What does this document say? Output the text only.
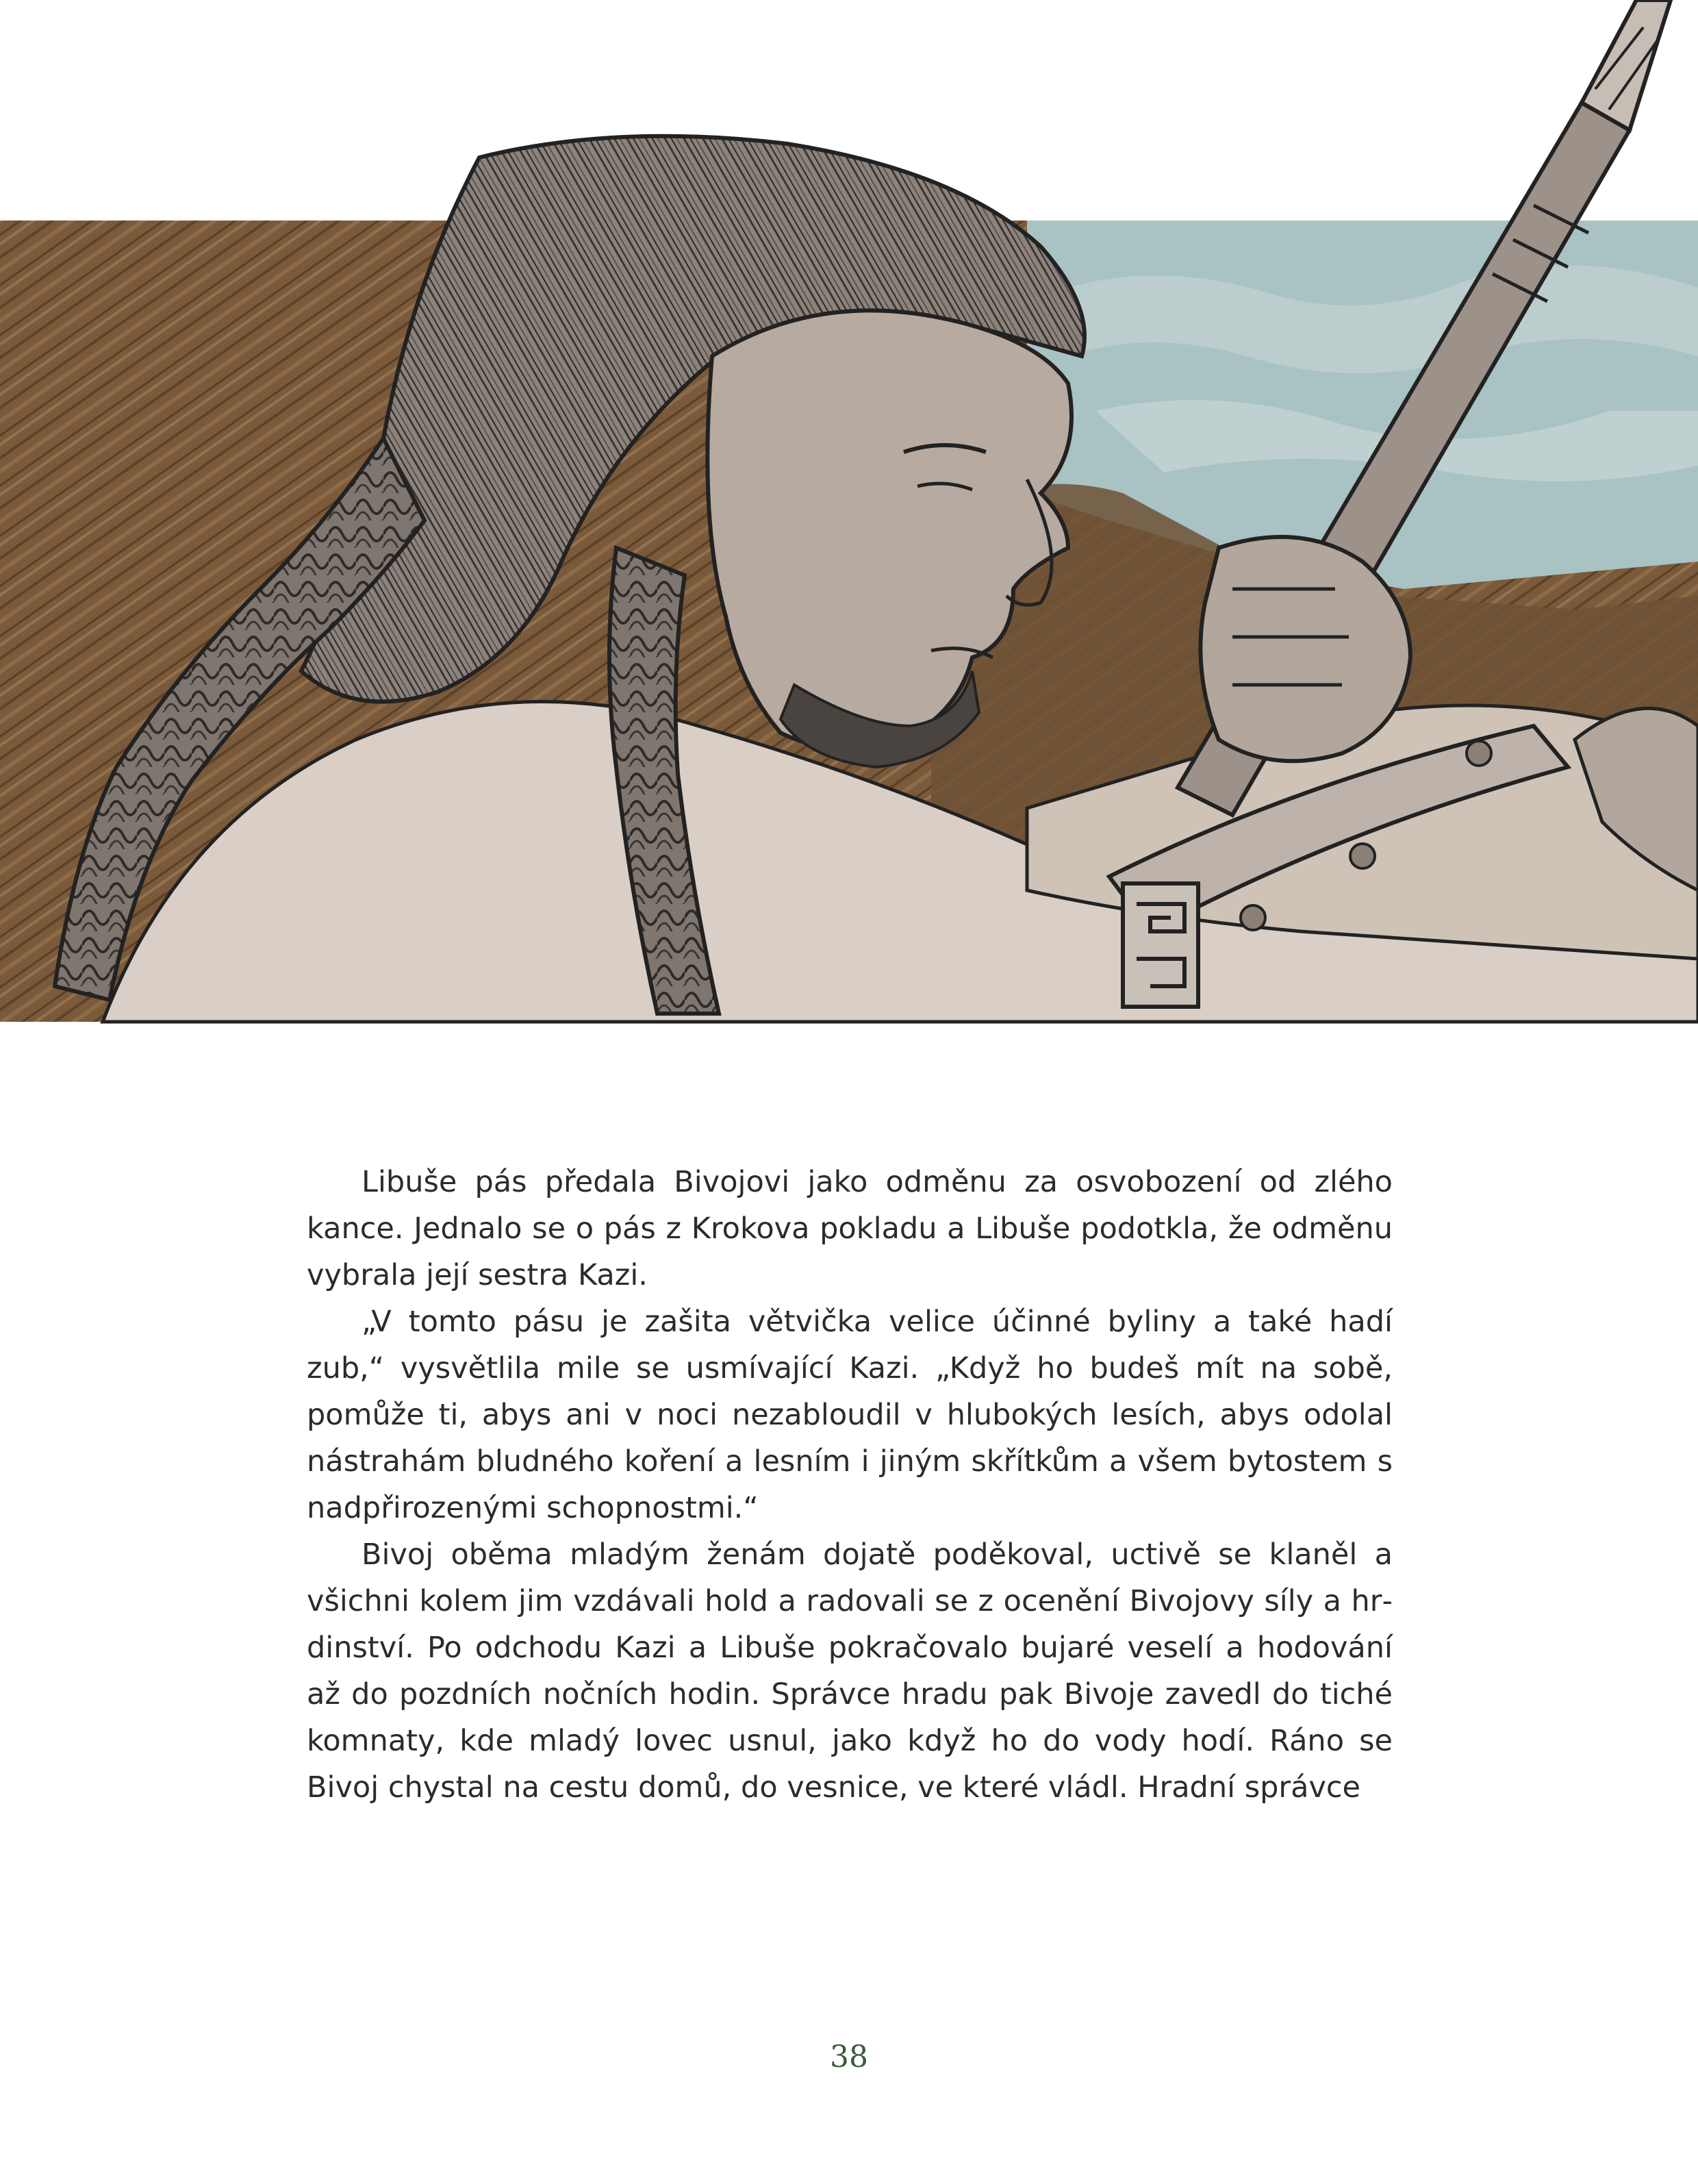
Libuše pás předala Bivojovi jako odměnu za osvobození od zlého kance. Jednalo se o pás z Krokova pokladu a Libuše podotkla, že odměnu vybrala její sestra Kazi.

„V tomto pásu je zašita větvička velice účinné byliny a také hadí zub,“ vysvětlila mile se usmívající Kazi. „Když ho budeš mít na sobě, pomůže ti, abys ani v noci nezabloudil v hlubokých lesích, abys odolal nástrahám bludného koření a lesním i jiným skřítkům a všem bytostem s nadpřirozenými schopnostmi.“

Bivoj oběma mladým ženám dojatě poděkoval, uctivě se klaněl a všichni kolem jim vzdávali hold a radovali se z ocenění Bivojovy síly a hrdinství. Po odchodu Kazi a Libuše pokračovalo bujaré veselí a hodování až do pozdních nočních hodin. Správce hradu pak Bivoje zavedl do tiché komnaty, kde mladý lovec usnul, jako když ho do vody hodí. Ráno se Bivoj chystal na cestu domů, do vesnice, ve které vládl. Hradní správce

38
